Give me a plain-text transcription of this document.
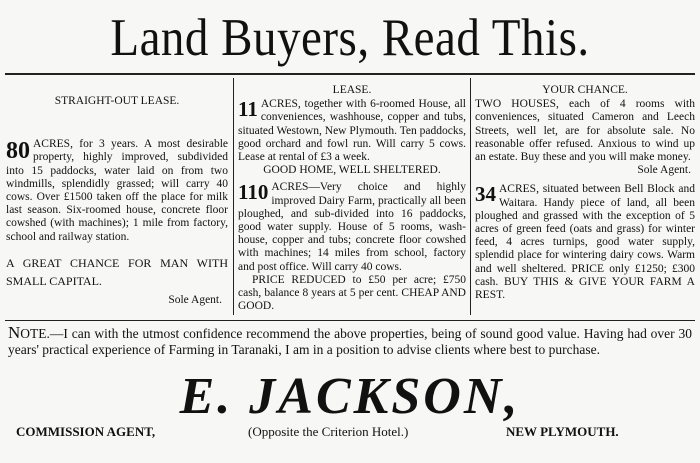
Land Buyers, Read This.
STRAIGHT-OUT LEASE.
80 ACRES, for 3 years. A most desirable property, highly improved, subdivided into 15 paddocks, water laid on from two windmills, splendidly grassed; will carry 40 cows. Over £1500 taken off the place for milk last season. Six-roomed house, concrete floor cowshed (with machines); 1 mile from factory, school and railway station.
A GREAT CHANCE FOR MAN WITH SMALL CAPITAL.
Sole Agent.
LEASE.
11 ACRES, together with 6-roomed House, all conveniences, washhouse, copper and tubs, situated Westown, New Plymouth. Ten paddocks, good orchard and fowl run. Will carry 5 cows. Lease at rental of £3 a week.
GOOD HOME, WELL SHELTERED.
110 ACRES—Very choice and highly improved Dairy Farm, practically all been ploughed, and sub-divided into 16 paddocks, good water supply. House of 5 rooms, wash-house, copper and tubs; concrete floor cowshed with machines; 14 miles from school, factory and post office. Will carry 40 cows.
PRICE REDUCED to £50 per acre; £750 cash, balance 8 years at 5 per cent. CHEAP AND GOOD.
YOUR CHANCE.
TWO HOUSES, each of 4 rooms with conveniences, situated Cameron and Leech Streets, well let, are for absolute sale. No reasonable offer refused. Anxious to wind up an estate. Buy these and you will make money.
Sole Agent.
34 ACRES, situated between Bell Block and Waitara. Handy piece of land, all been ploughed and grassed with the exception of 5 acres of green feed (oats and grass) for winter feed, 4 acres turnips, good water supply, splendid place for wintering dairy cows. Warm and well sheltered. PRICE only £1250; £300 cash. BUY THIS & GIVE YOUR FARM A REST.
NOTE.—I can with the utmost confidence recommend the above properties, being of sound good value. Having had over 30 years' practical experience of Farming in Taranaki, I am in a position to advise clients where best to purchase.
E. JACKSON,
COMMISSION AGENT,	(Opposite the Criterion Hotel.)	NEW PLYMOUTH.
